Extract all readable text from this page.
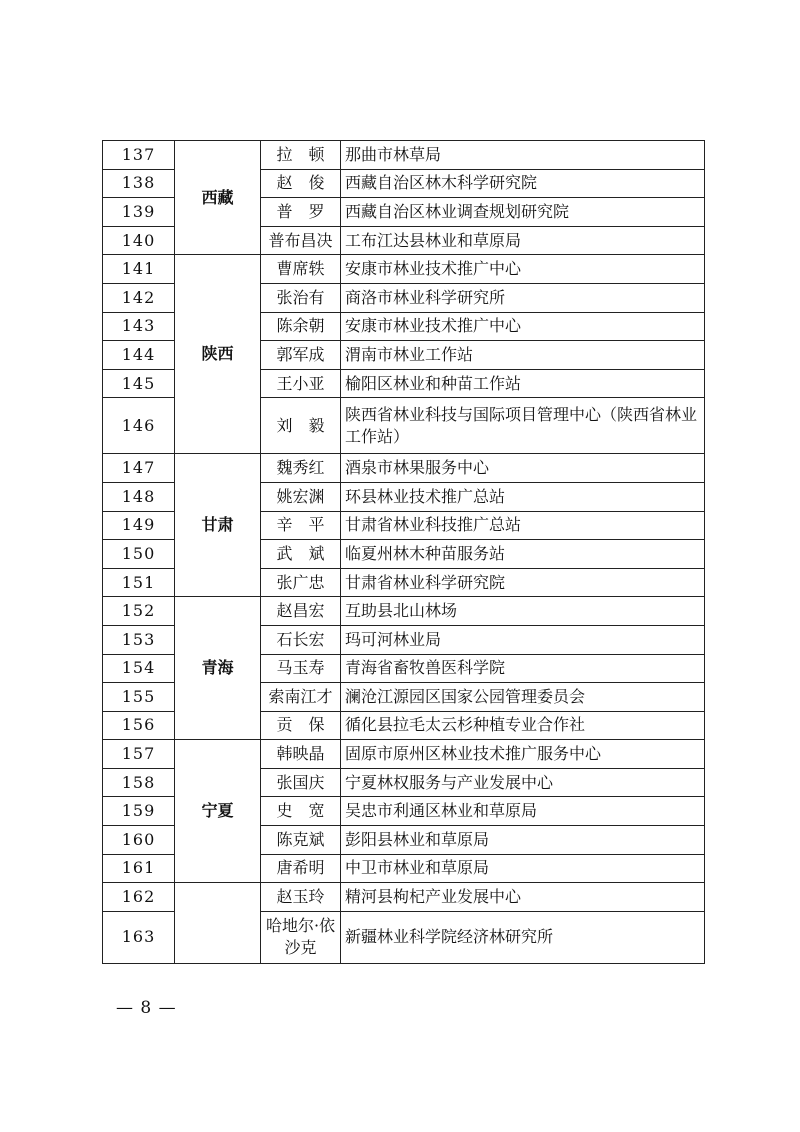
137	西藏	拉　顿	那曲市林草局
138		赵　俊	西藏自治区林木科学研究院
139		普　罗	西藏自治区林业调查规划研究院
140		普布昌决	工布江达县林业和草原局
141	陕西	曹席轶	安康市林业技术推广中心
142		张治有	商洛市林业科学研究所
143		陈余朝	安康市林业技术推广中心
144		郭军成	渭南市林业工作站
145		王小亚	榆阳区林业和种苗工作站
146		刘　毅	陕西省林业科技与国际项目管理中心（陕西省林业工作站）
147	甘肃	魏秀红	酒泉市林果服务中心
148		姚宏渊	环县林业技术推广总站
149		辛　平	甘肃省林业科技推广总站
150		武　斌	临夏州林木种苗服务站
151		张广忠	甘肃省林业科学研究院
152	青海	赵昌宏	互助县北山林场
153		石长宏	玛可河林业局
154		马玉寿	青海省畜牧兽医科学院
155		索南江才	澜沧江源园区国家公园管理委员会
156		贡　保	循化县拉毛太云杉种植专业合作社
157	宁夏	韩映晶	固原市原州区林业技术推广服务中心
158		张国庆	宁夏林权服务与产业发展中心
159		史　宽	吴忠市利通区林业和草原局
160		陈克斌	彭阳县林业和草原局
161		唐希明	中卫市林业和草原局
162		赵玉玲	精河县枸杞产业发展中心
163		哈地尔·依沙克	新疆林业科学院经济林研究所
— 8 —
